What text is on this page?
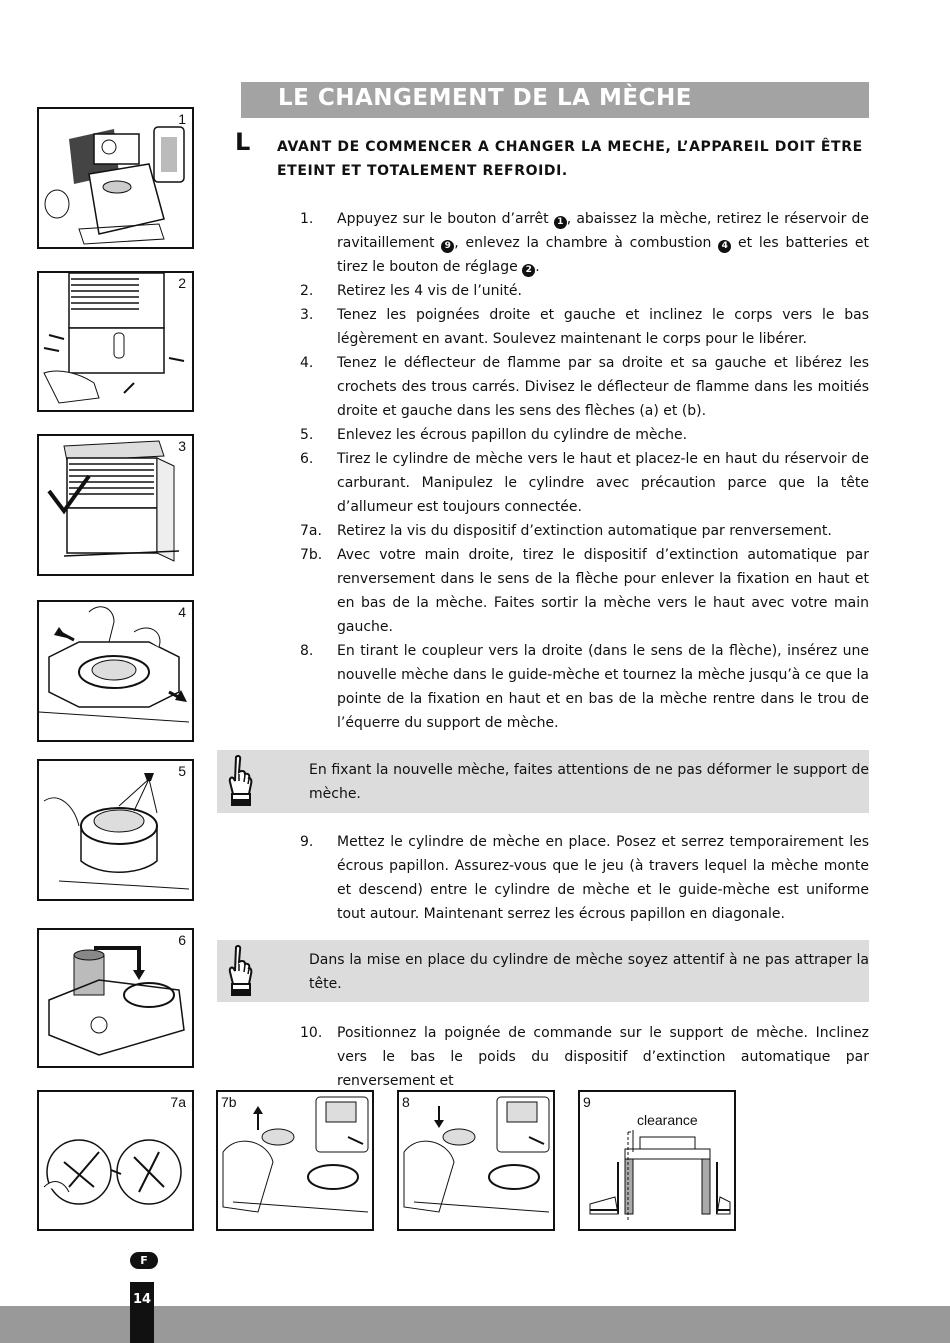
LE CHANGEMENT DE LA MÈCHE
L AVANT DE COMMENCER A CHANGER LA MECHE, L’APPAREIL DOIT ÊTRE ETEINT ET TOTALEMENT REFROIDI.
1.	Appuyez sur le bouton d’arrêt 1 , abaissez la mèche, retirez le réservoir de ravitaillement 9 , enlevez la chambre à combustion 4 et les batteries et tirez le bouton de réglage 2 .
2.	Retirez les 4 vis de l’unité.
3.	Tenez les poignées droite et gauche et inclinez le corps vers le bas légèrement en avant. Soulevez maintenant le corps pour le libérer.
4.	Tenez le déflecteur de flamme par sa droite et sa gauche et libérez les crochets des trous carrés. Divisez le déflecteur de flamme dans les moitiés droite et gauche dans les sens des flèches (a) et (b).
5.	Enlevez les écrous papillon du cylindre de mèche.
6.	Tirez le cylindre de mèche vers le haut et placez-le en haut du réservoir de carburant. Manipulez le cylindre avec précaution parce que la tête d’allumeur est toujours connectée.
7a.	Retirez la vis du dispositif d’extinction automatique par renversement.
7b.	Avec votre main droite, tirez le dispositif d’extinction automatique par renversement dans le sens de la flèche pour enlever la fixation en haut et en bas de la mèche. Faites sortir la mèche vers le haut avec votre main gauche.
8.	En tirant le coupleur vers la droite (dans le sens de la flèche), insérez une nouvelle mèche dans le guide-mèche et tournez la mèche jusqu’à ce que la pointe de la fixation en haut et en bas de la mèche rentre dans le trou de l’équerre du support de mèche.
En fixant la nouvelle mèche, faites attentions de ne pas déformer le support de mèche.
9.	Mettez le cylindre de mèche en place. Posez et serrez temporairement les écrous papillon. Assurez-vous que le jeu (à travers lequel la mèche monte et descend) entre le cylindre de mèche et le guide-mèche est uniforme tout autour. Maintenant serrez les écrous papillon en diagonale.
Dans la mise en place du cylindre de mèche soyez attentif à ne pas attraper la tête.
10.	Positionnez la poignée de commande sur le support de mèche. Inclinez vers le bas le poids du dispositif d’extinction automatique par renversement et
1
2
3
4
5
6
7a	7b	8	9
clearance
F
14
